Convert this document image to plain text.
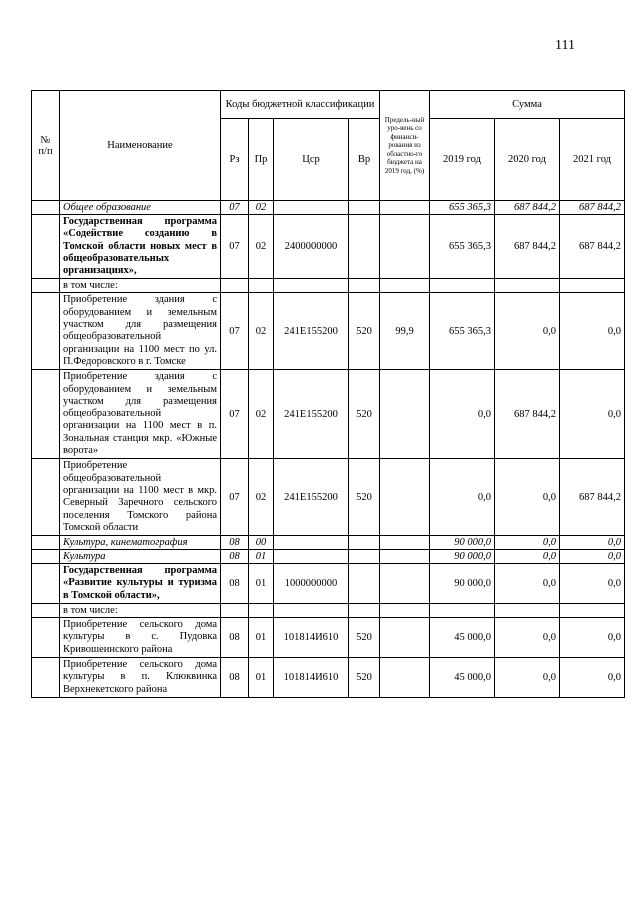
111
№ п/п	Наименование	Коды бюджетной классификации				Предель-ный уро-вень со финанси-рования из областно-го бюджета на 2019 год, (%)	Сумма		
		Рз	Пр	Цср	Вр		2019 год	2020 год	2021 год
	Общее образование	07	02				655 365,3	687 844,2	687 844,2
	Государственная программа «Содействие созданию в Томской области новых мест в общеобразовательных организациях»,	07	02	2400000000			655 365,3	687 844,2	687 844,2
	в том числе:								
	Приобретение здания с оборудованием и земельным участком для размещения общеобразовательной организации на 1100 мест по ул. П.Федоровского в г. Томске	07	02	241Е155200	520	99,9	655 365,3	0,0	0,0
	Приобретение здания с оборудованием и земельным участком для размещения общеобразовательной организации на 1100 мест в п. Зональная станция мкр. «Южные ворота»	07	02	241Е155200	520		0,0	687 844,2	0,0
	Приобретение общеобразовательной организации на 1100 мест в мкр. Северный Заречного сельского поселения Томского района Томской области	07	02	241Е155200	520		0,0	0,0	687 844,2
	Культура, кинематография	08	00				90 000,0	0,0	0,0
	Культура	08	01				90 000,0	0,0	0,0
	Государственная программа «Развитие культуры и туризма в Томской области»,	08	01	1000000000			90 000,0	0,0	0,0
	в том числе:								
	Приобретение сельского дома культуры в с. Пудовка Кривошеинского района	08	01	101814И610	520		45 000,0	0,0	0,0
	Приобретение сельского дома культуры в п. Клюквинка Верхнекетского района	08	01	101814И610	520		45 000,0	0,0	0,0
